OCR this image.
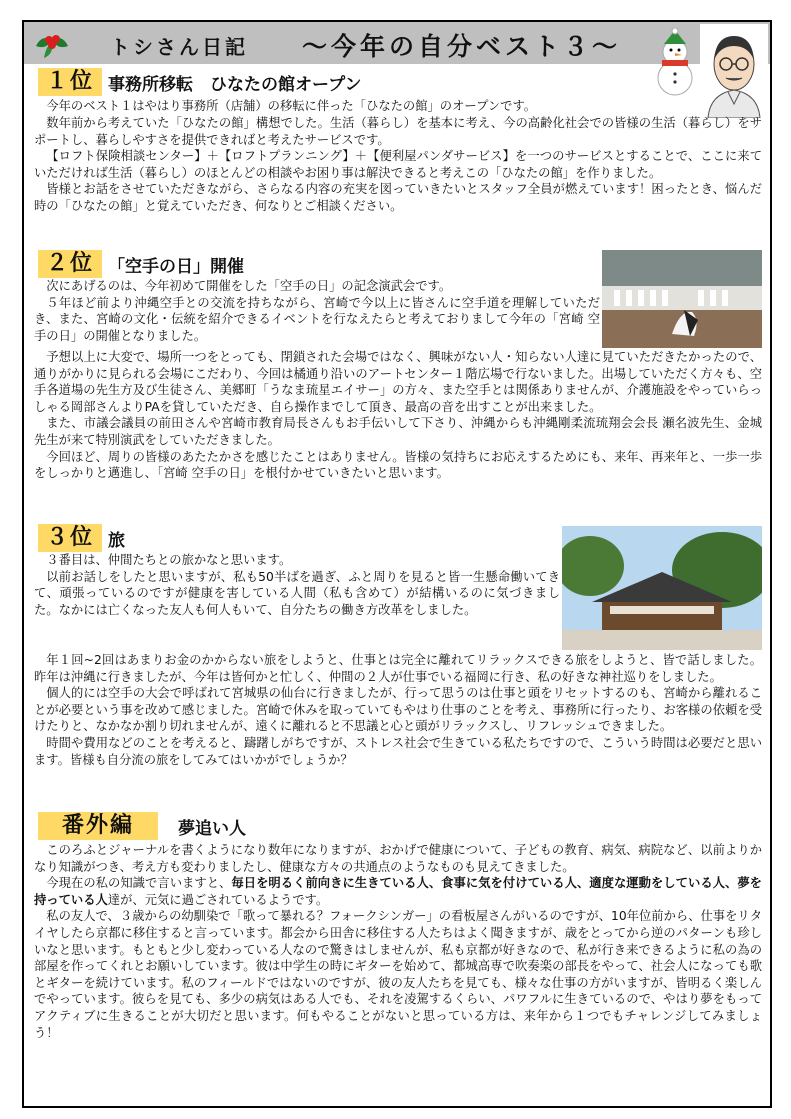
トシさん日記 ～今年の自分ベスト３～
１位 事務所移転　ひなたの館オープン

今年のベスト１はやはり事務所（店舗）の移転に伴った「ひなたの館」のオープンです。

数年前から考えていた「ひなたの館」構想でした。生活（暮らし）を基本に考え、今の高齢化社会での皆様の生活（暮らし）をサポートし、暮らしやすさを提供できればと考えたサービスです。

【ロフト保険相談センター】＋【ロフトプランニング】＋【便利屋パンダサービス】を一つのサービスとすることで、ここに来ていただければ生活（暮らし）のほとんどの相談やお困り事は解決できると考えこの「ひなたの館」を作りました。

皆様とお話をさせていただきながら、さらなる内容の充実を図っていきたいとスタッフ全員が燃えています！困ったとき、悩んだ時の「ひなたの館」と覚えていただき、何なりとご相談ください。

２位 「空手の日」開催

次にあげるのは、今年初めて開催をした「空手の日」の記念演武会です。

５年ほど前より沖縄空手との交流を持ちながら、宮崎で今以上に皆さんに空手道を理解していただき、また、宮崎の文化・伝統を紹介できるイベントを行なえたらと考えておりまして今年の「宮崎 空手の日」の開催となりました。

予想以上に大変で、場所一つをとっても、閉鎖された会場ではなく、興味がない人・知らない人達に見ていただきたかったので、通りがかりに見られる会場にこだわり、今回は橘通り沿いのアートセンター１階広場で行ないました。出場していただく方々も、空手各道場の先生方及び生徒さん、美郷町「うなま琉星エイサー」の方々、また空手とは関係ありませんが、介護施設をやっていらっしゃる岡部さんよりPAを貸していただき、自ら操作までして頂き、最高の音を出すことが出来ました。

また、市議会議員の前田さんや宮崎市教育局長さんもお手伝いして下さり、沖縄からも沖縄剛柔流琉翔会会長 瀬名波先生、金城先生が来て特別演武をしていただきました。

今回ほど、周りの皆様のあたたかさを感じたことはありません。皆様の気持ちにお応えするためにも、来年、再来年と、一歩一歩をしっかりと邁進し、「宮崎 空手の日」を根付かせていきたいと思います。

３位 旅

３番目は、仲間たちとの旅かなと思います。

以前お話しをしたと思いますが、私も50半ばを過ぎ、ふと周りを見ると皆一生懸命働いてきて、頑張っているのですが健康を害している人間（私も含めて）が結構いるのに気づきました。なかには亡くなった友人も何人もいて、自分たちの働き方改革をしました。

年１回~2回はあまりお金のかからない旅をしようと、仕事とは完全に離れてリラックスできる旅をしようと、皆で話しました。昨年は沖縄に行きましたが、今年は皆何かと忙しく、仲間の２人が仕事でいる福岡に行き、私の好きな神社巡りをしました。

個人的には空手の大会で呼ばれて宮城県の仙台に行きましたが、行って思うのは仕事と頭をリセットするのも、宮崎から離れることが必要という事を改めて感じました。宮崎で休みを取っていてもやはり仕事のことを考え、事務所に行ったり、お客様の依頼を受けたりと、なかなか割り切れませんが、遠くに離れると不思議と心と頭がリラックスし、リフレッシュできました。

時間や費用などのことを考えると、躊躇しがちですが、ストレス社会で生きている私たちですので、こういう時間は必要だと思います。皆様も自分流の旅をしてみてはいかがでしょうか？

番外編	夢追い人

このろふとジャーナルを書くようになり数年になりますが、おかげで健康について、子どもの教育、病気、病院など、以前よりかなり知識がつき、考え方も変わりましたし、健康な方々の共通点のようなものも見えてきました。

今現在の私の知識で言いますと、毎日を明るく前向きに生きている人、食事に気を付けている人、適度な運動をしている人、夢を持っている人達が、元気に過ごされているようです。

私の友人で、３歳からの幼馴染で「歌って暴れる？フォークシンガー」の看板屋さんがいるのですが、10年位前から、仕事をリタイヤしたら京都に移住すると言っています。都会から田舎に移住する人たちはよく聞きますが、歳をとってから逆のパターンも珍しいなと思います。もともと少し変わっている人なので驚きはしませんが、私も京都が好きなので、私が行き来できるように私の為の部屋を作ってくれとお願いしています。彼は中学生の時にギターを始めて、都城高専で吹奏楽の部長をやって、社会人になっても歌とギターを続けています。私のフィールドではないのですが、彼の友人たちを見ても、様々な仕事の方がいますが、皆明るく楽しんでやっています。彼らを見ても、多少の病気はある人でも、それを凌駕するくらい、パワフルに生きているので、やはり夢をもってアクティブに生きることが大切だと思います。何もやることがないと思っている方は、来年から１つでもチャレンジしてみましょう！
